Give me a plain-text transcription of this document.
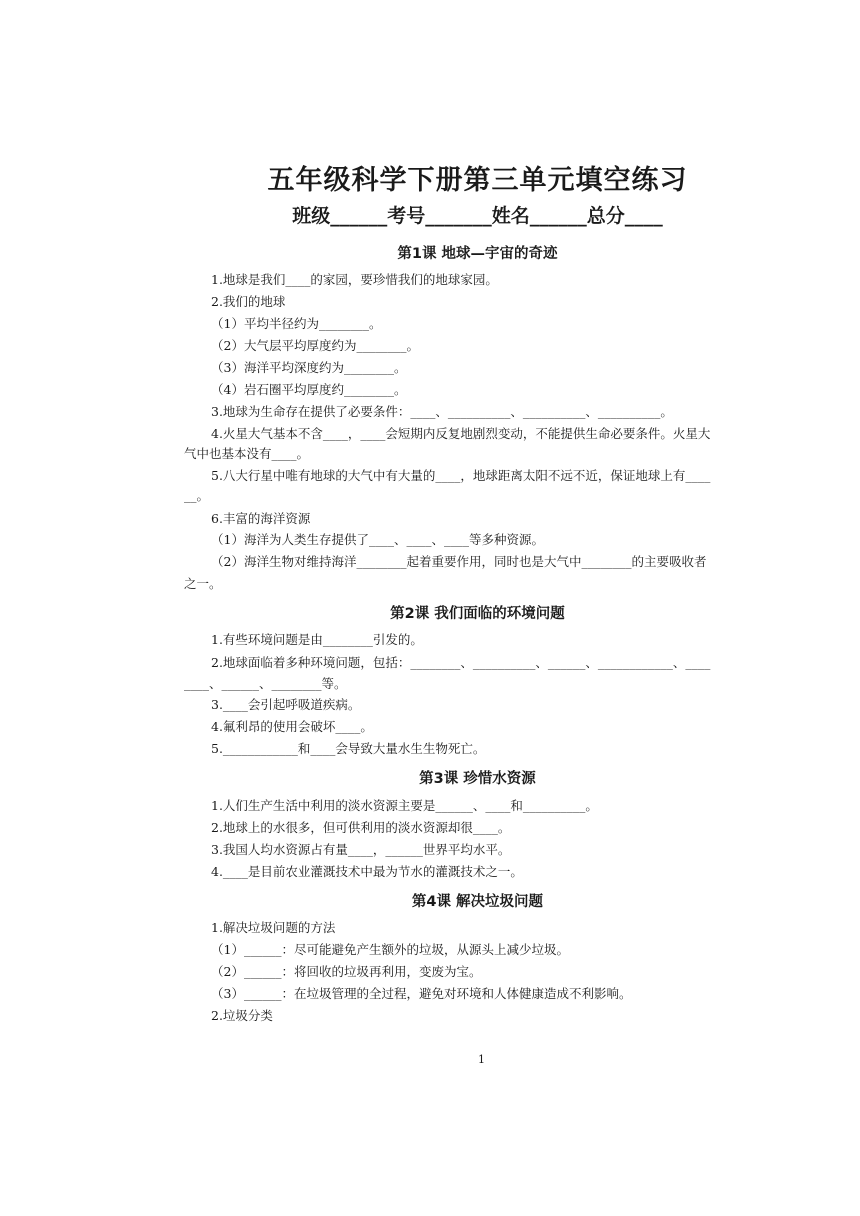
五年级科学下册第三单元填空练习
班级______考号_______姓名______总分____
第1课 地球—宇宙的奇迹
1.地球是我们____的家园，要珍惜我们的地球家园。
2.我们的地球
（1）平均半径约为________。
（2）大气层平均厚度约为________。
（3）海洋平均深度约为________。
（4）岩石圈平均厚度约________。
3.地球为生命存在提供了必要条件：____、__________、__________、__________。
4.火星大气基本不含____，____会短期内反复地剧烈变动，不能提供生命必要条件。火星大
气中也基本没有____。
5.八大行星中唯有地球的大气中有大量的____，地球距离太阳不远不近，保证地球上有____
__。
6.丰富的海洋资源
（1）海洋为人类生存提供了____、____、____等多种资源。
（2）海洋生物对维持海洋________起着重要作用，同时也是大气中________的主要吸收者
之一。
第2课 我们面临的环境问题
1.有些环境问题是由________引发的。
2.地球面临着多种环境问题，包括：________、__________、______、____________、____
____、______、________等。
3.____会引起呼吸道疾病。
4.氟利昂的使用会破坏____。
5.____________和____会导致大量水生生物死亡。
第3课 珍惜水资源
1.人们生产生活中利用的淡水资源主要是______、____和__________。
2.地球上的水很多，但可供利用的淡水资源却很____。
3.我国人均水资源占有量____，______世界平均水平。
4.____是目前农业灌溉技术中最为节水的灌溉技术之一。
第4课 解决垃圾问题
1.解决垃圾问题的方法
（1）______：尽可能避免产生额外的垃圾，从源头上减少垃圾。
（2）______：将回收的垃圾再利用，变废为宝。
（3）______：在垃圾管理的全过程，避免对环境和人体健康造成不利影响。
2.垃圾分类
1
